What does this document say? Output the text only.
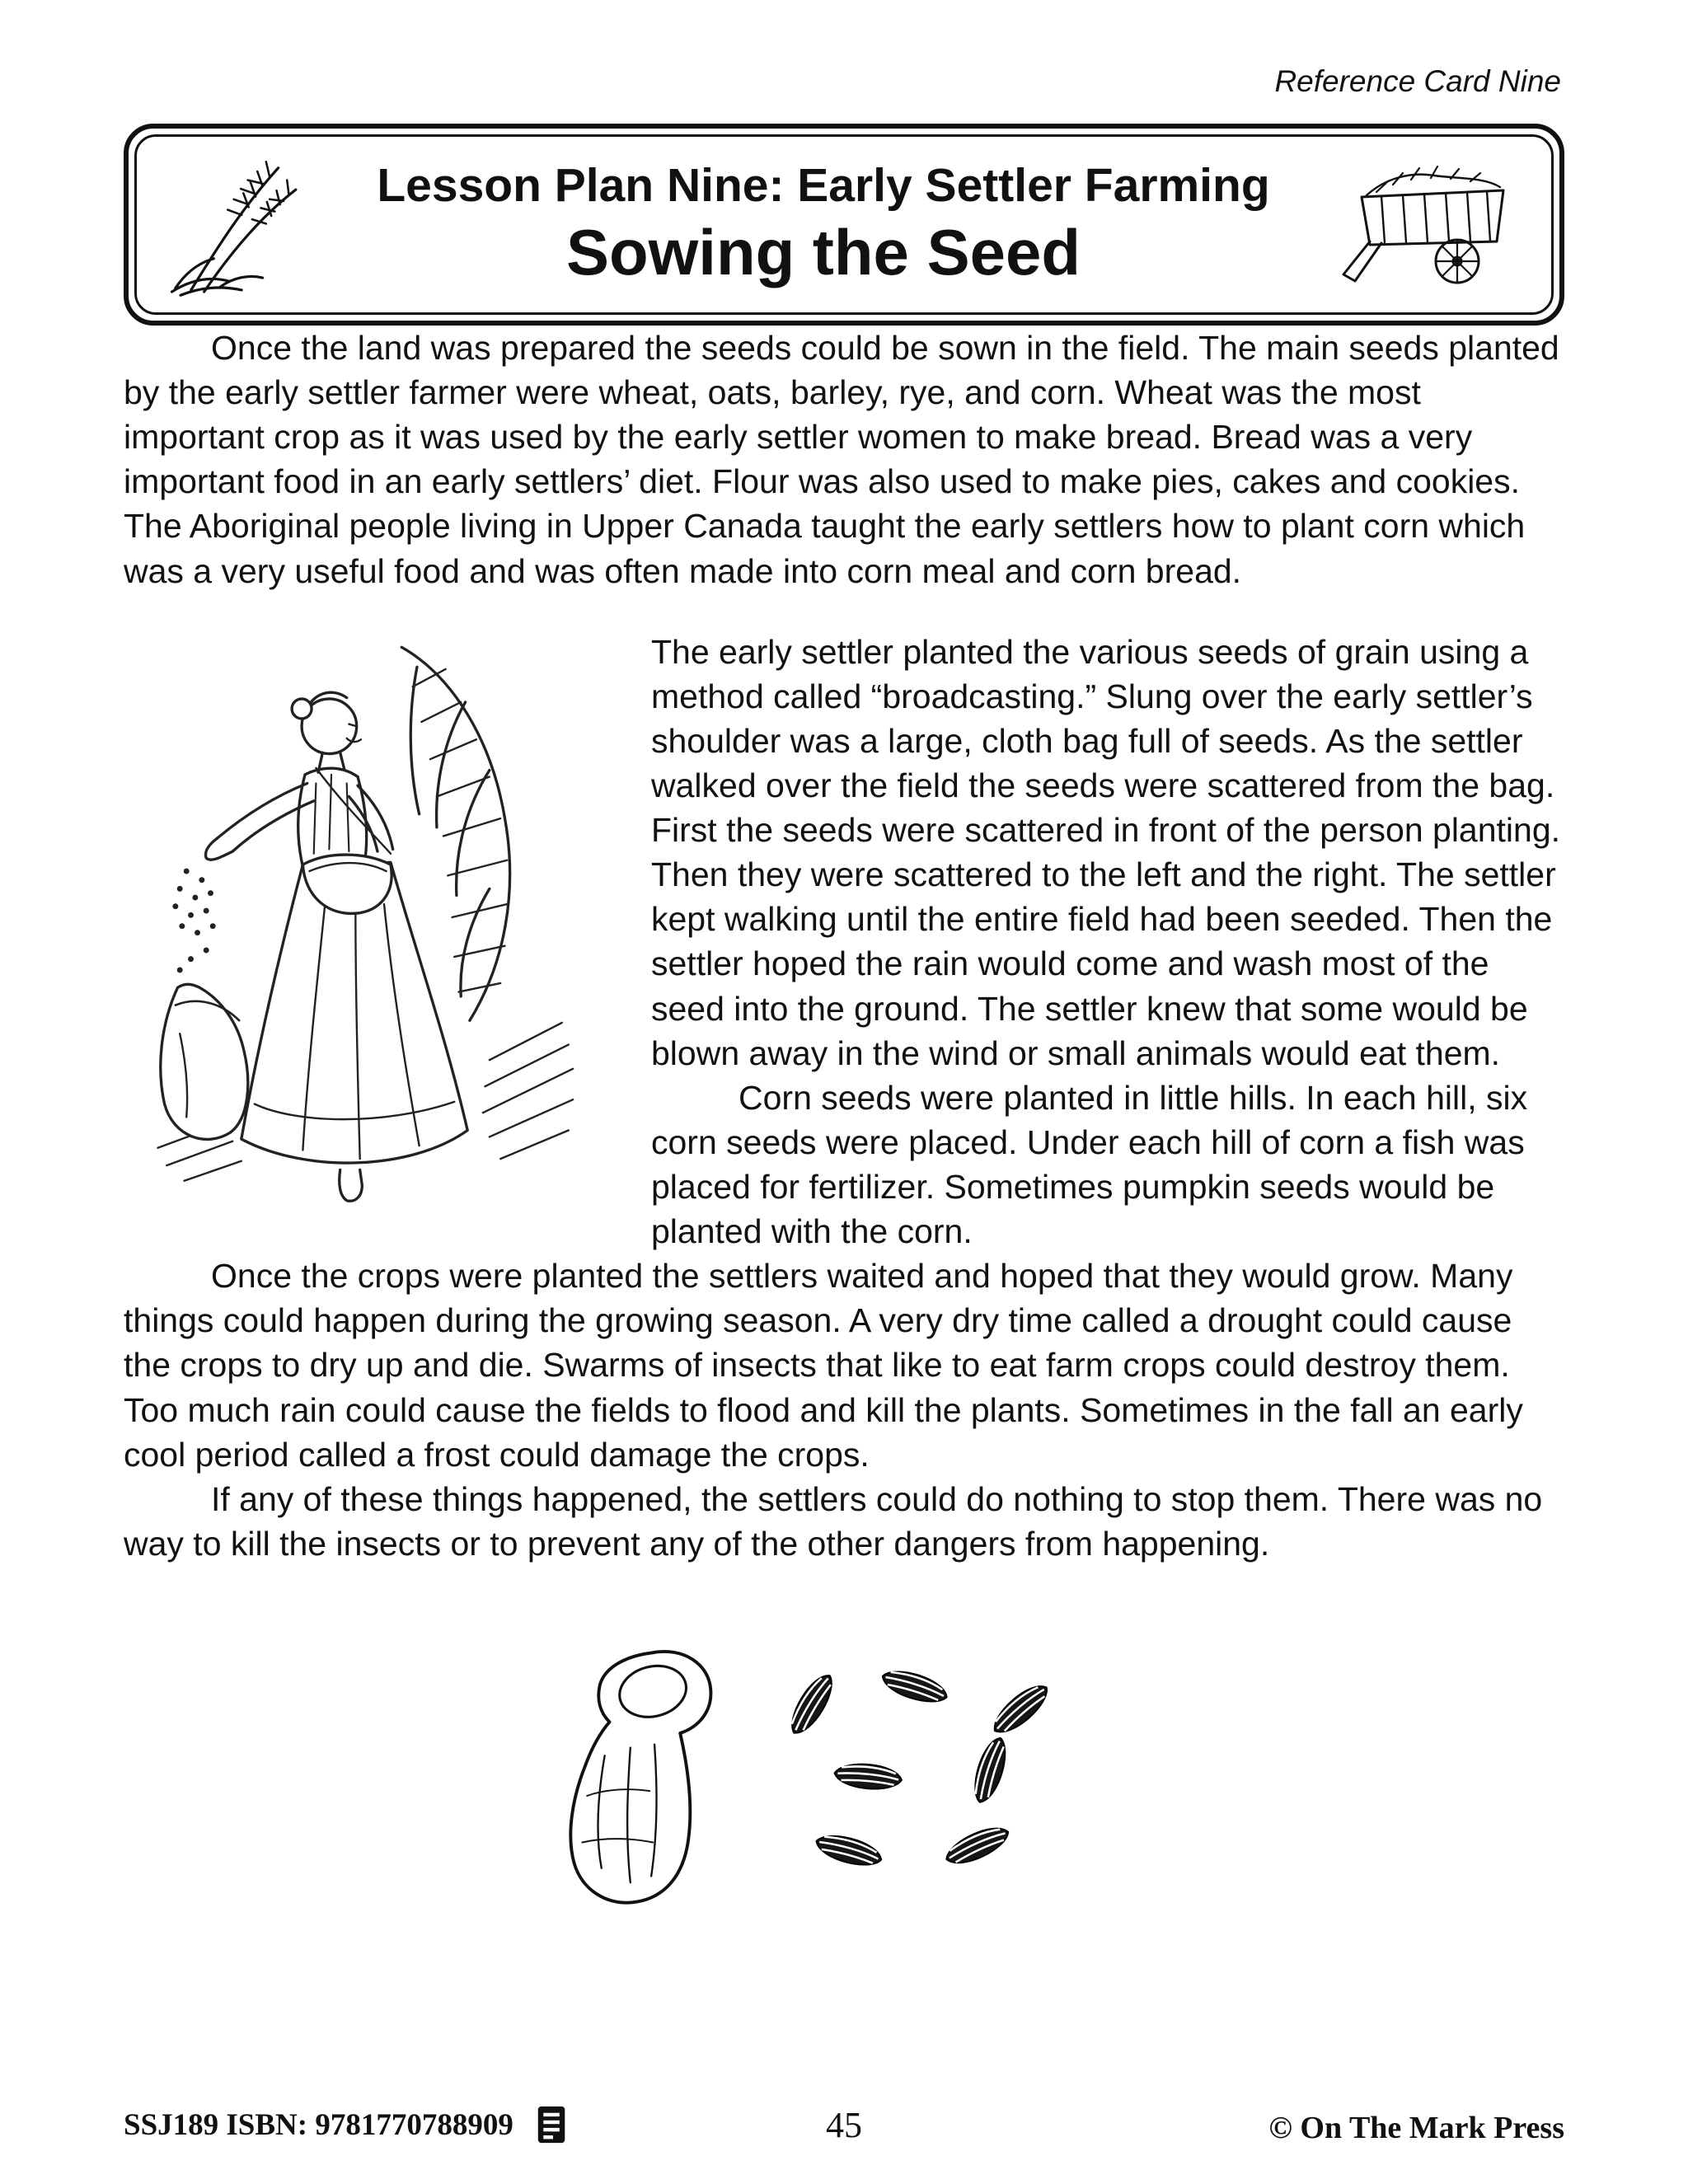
Reference Card Nine
Lesson Plan Nine: Early Settler Farming
Sowing the Seed

Once the land was prepared the seeds could be sown in the field. The main seeds planted by the early settler farmer were wheat, oats, barley, rye, and corn. Wheat was the most important crop as it was used by the early settler women to make bread. Bread was a very important food in an early settlers’ diet. Flour was also used to make pies, cakes and cookies. The Aboriginal people living in Upper Canada taught the early settlers how to plant corn which was a very useful food and was often made into corn meal and corn bread.

The early settler planted the various seeds of grain using a method called “broadcasting.” Slung over the early settler’s shoulder was a large, cloth bag full of seeds. As the settler walked over the field the seeds were scattered from the bag. First the seeds were scattered in front of the person planting. Then they were scattered to the left and the right. The settler kept walking until the entire field had been seeded. Then the settler hoped the rain would come and wash most of the seed into the ground. The settler knew that some would be blown away in the wind or small animals would eat them.

Corn seeds were planted in little hills. In each hill, six corn seeds were placed. Under each hill of corn a fish was placed for fertilizer. Sometimes pumpkin seeds would be planted with the corn.

Once the crops were planted the settlers waited and hoped that they would grow. Many things could happen during the growing season. A very dry time called a drought could cause the crops to dry up and die. Swarms of insects that like to eat farm crops could destroy them. Too much rain could cause the fields to flood and kill the plants. Sometimes in the fall an early cool period called a frost could damage the crops.

If any of these things happened, the settlers could do nothing to stop them. There was no way to kill the insects or to prevent any of the other dangers from happening.

SSJ189 ISBN: 9781770788909	45	© On The Mark Press
